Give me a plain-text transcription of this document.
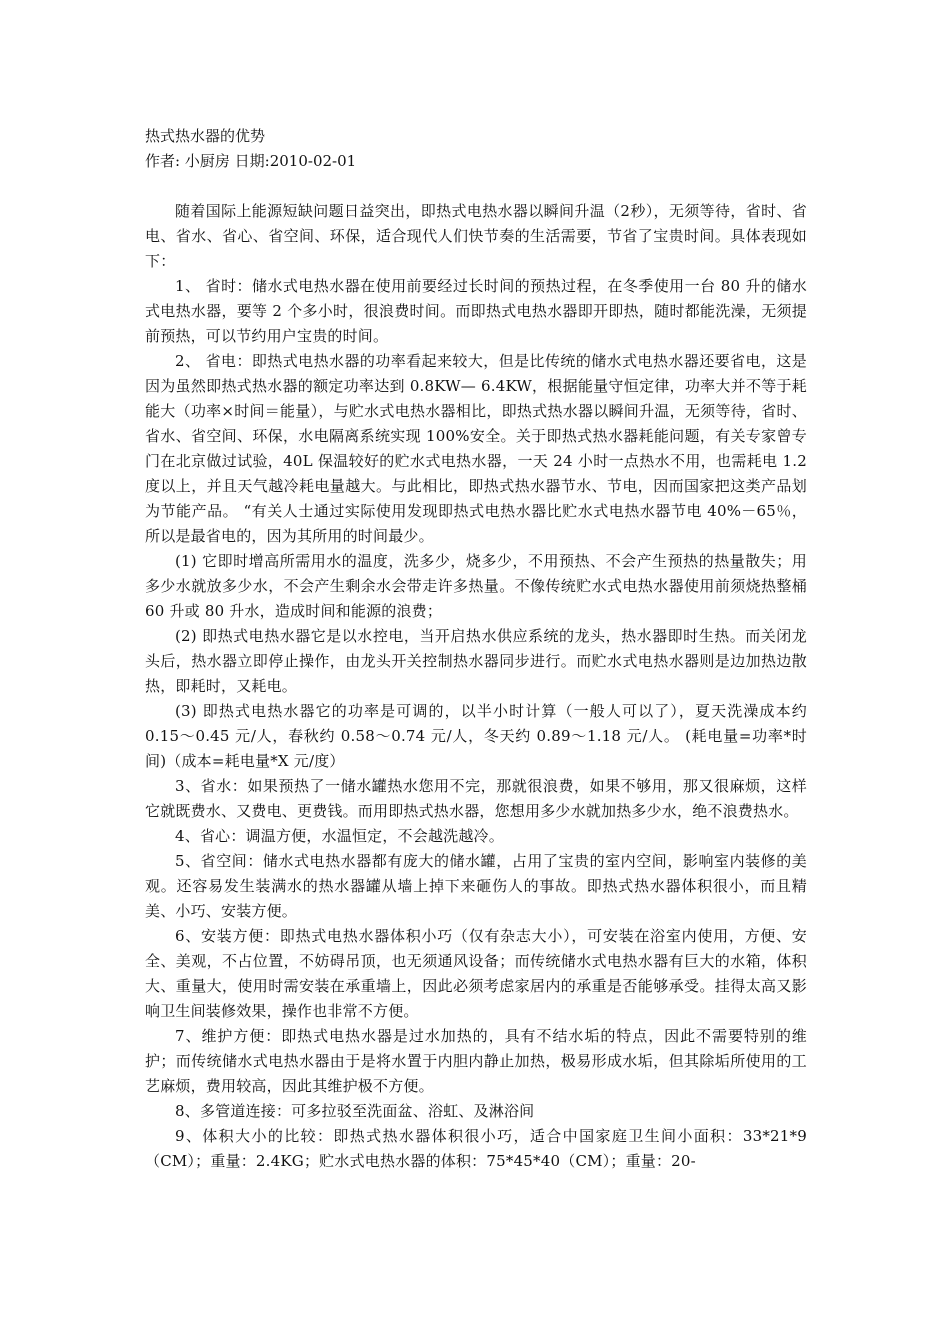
热式热水器的优势

作者: 小厨房 日期:2010-02-01

随着国际上能源短缺问题日益突出，即热式电热水器以瞬间升温（2秒），无须等待，省时、省电、省水、省心、省空间、环保，适合现代人们快节奏的生活需要，节省了宝贵时间。具体表现如下：

1、 省时：储水式电热水器在使用前要经过长时间的预热过程，在冬季使用一台 80 升的储水式电热水器，要等 2 个多小时，很浪费时间。而即热式电热水器即开即热，随时都能洗澡，无须提前预热，可以节约用户宝贵的时间。

2、 省电：即热式电热水器的功率看起来较大，但是比传统的储水式电热水器还要省电，这是因为虽然即热式热水器的额定功率达到 0.8KW— 6.4KW，根据能量守恒定律，功率大并不等于耗能大（功率×时间＝能量），与贮水式电热水器相比，即热式热水器以瞬间升温，无须等待，省时、省水、省空间、环保，水电隔离系统实现 100%安全。关于即热式热水器耗能问题，有关专家曾专门在北京做过试验，40L 保温较好的贮水式电热水器，一天 24 小时一点热水不用，也需耗电 1.2 度以上，并且天气越冷耗电量越大。与此相比，即热式热水器节水、节电，因而国家把这类产品划为节能产品。 “有关人士通过实际使用发现即热式电热水器比贮水式电热水器节电 40%－65％，所以是最省电的，因为其所用的时间最少。

(1) 它即时增高所需用水的温度，洗多少，烧多少，不用预热、不会产生预热的热量散失；用多少水就放多少水，不会产生剩余水会带走许多热量。不像传统贮水式电热水器使用前须烧热整桶 60 升或 80 升水，造成时间和能源的浪费；

(2) 即热式电热水器它是以水控电，当开启热水供应系统的龙头，热水器即时生热。而关闭龙头后，热水器立即停止操作，由龙头开关控制热水器同步进行。而贮水式电热水器则是边加热边散热，即耗时，又耗电。

(3) 即热式电热水器它的功率是可调的，以半小时计算（一般人可以了），夏天洗澡成本约 0.15～0.45 元/人，春秋约 0.58～0.74 元/人，冬天约 0.89～1.18 元/人。 (耗电量=功率*时间)（成本=耗电量*X 元/度）

3、省水：如果预热了一储水罐热水您用不完，那就很浪费，如果不够用，那又很麻烦，这样它就既费水、又费电、更费钱。而用即热式热水器，您想用多少水就加热多少水，绝不浪费热水。

4、省心：调温方便，水温恒定，不会越洗越冷。

5、省空间：储水式电热水器都有庞大的储水罐，占用了宝贵的室内空间，影响室内装修的美观。还容易发生装满水的热水器罐从墙上掉下来砸伤人的事故。即热式热水器体积很小，而且精美、小巧、安装方便。

6、安装方便：即热式电热水器体积小巧（仅有杂志大小），可安装在浴室内使用，方便、安全、美观，不占位置，不妨碍吊顶，也无须通风设备；而传统储水式电热水器有巨大的水箱，体积大、重量大，使用时需安装在承重墙上，因此必须考虑家居内的承重是否能够承受。挂得太高又影响卫生间装修效果，操作也非常不方便。

7、维护方便：即热式电热水器是过水加热的，具有不结水垢的特点，因此不需要特别的维护；而传统储水式电热水器由于是将水置于内胆内静止加热，极易形成水垢，但其除垢所使用的工艺麻烦，费用较高，因此其维护极不方便。

8、多管道连接：可多拉驳至洗面盆、浴虹、及淋浴间

9、体积大小的比较：即热式热水器体积很小巧，适合中国家庭卫生间小面积：33*21*9（CM）；重量：2.4KG；贮水式电热水器的体积：75*45*40（CM）；重量：20-
